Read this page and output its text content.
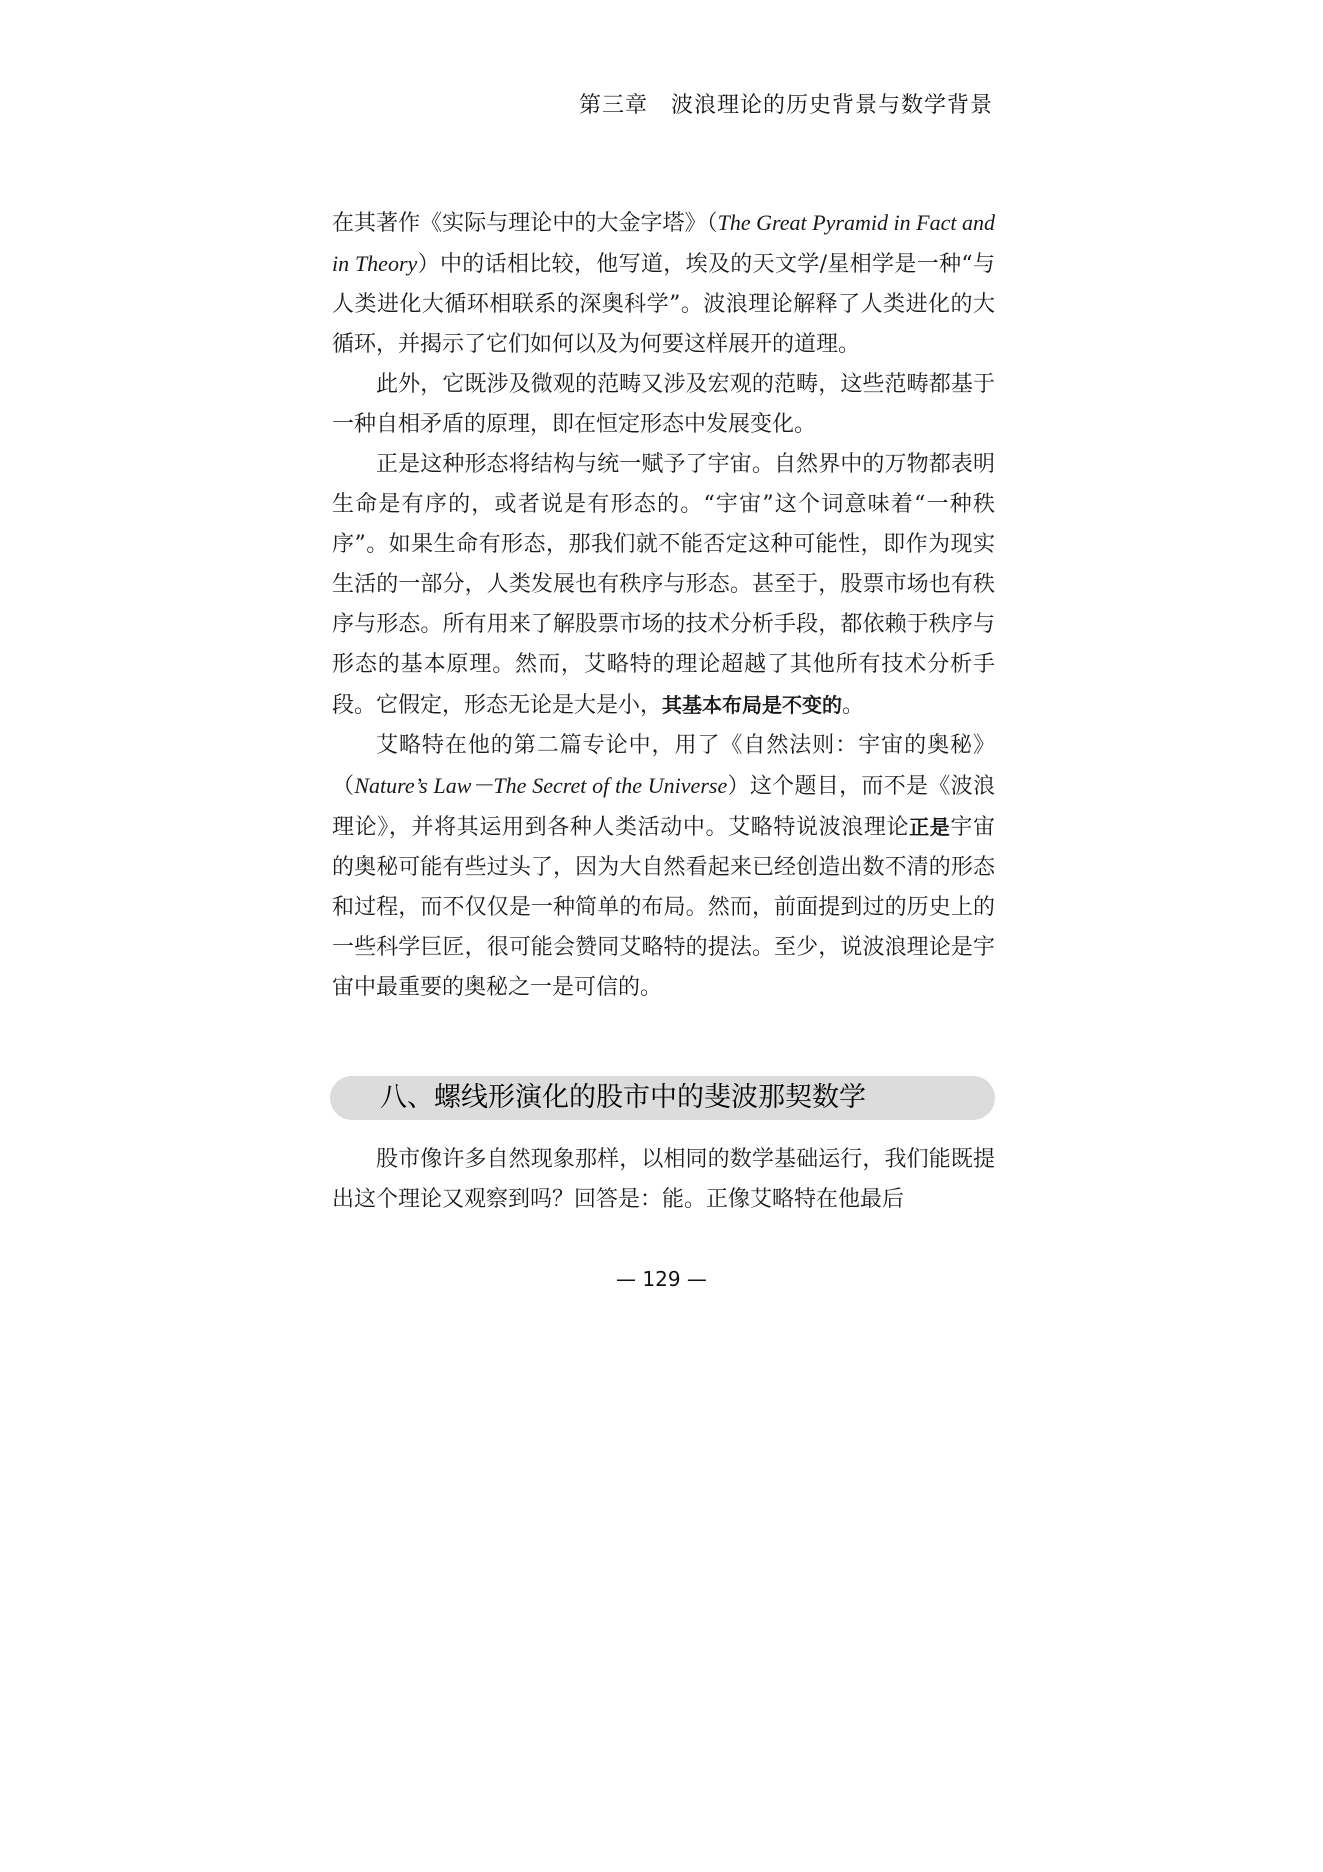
第三章　波浪理论的历史背景与数学背景

在其著作《实际与理论中的大金字塔》（The Great Pyramid in Fact and in Theory）中的话相比较，他写道，埃及的天文学/星相学是一种“与人类进化大循环相联系的深奥科学”。波浪理论解释了人类进化的大循环，并揭示了它们如何以及为何要这样展开的道理。

此外，它既涉及微观的范畴又涉及宏观的范畴，这些范畴都基于一种自相矛盾的原理，即在恒定形态中发展变化。

正是这种形态将结构与统一赋予了宇宙。自然界中的万物都表明生命是有序的，或者说是有形态的。“宇宙”这个词意味着“一种秩序”。如果生命有形态，那我们就不能否定这种可能性，即作为现实生活的一部分，人类发展也有秩序与形态。甚至于，股票市场也有秩序与形态。所有用来了解股票市场的技术分析手段，都依赖于秩序与形态的基本原理。然而，艾略特的理论超越了其他所有技术分析手段。它假定，形态无论是大是小，其基本布局是不变的。

艾略特在他的第二篇专论中，用了《自然法则：宇宙的奥秘》（Nature’s Law－The Secret of the Universe）这个题目，而不是《波浪理论》，并将其运用到各种人类活动中。艾略特说波浪理论正是宇宙的奥秘可能有些过头了，因为大自然看起来已经创造出数不清的形态和过程，而不仅仅是一种简单的布局。然而，前面提到过的历史上的一些科学巨匠，很可能会赞同艾略特的提法。至少，说波浪理论是宇宙中最重要的奥秘之一是可信的。

八、螺线形演化的股市中的斐波那契数学

股市像许多自然现象那样，以相同的数学基础运行，我们能既提出这个理论又观察到吗？回答是：能。正像艾略特在他最后

— 129 —
